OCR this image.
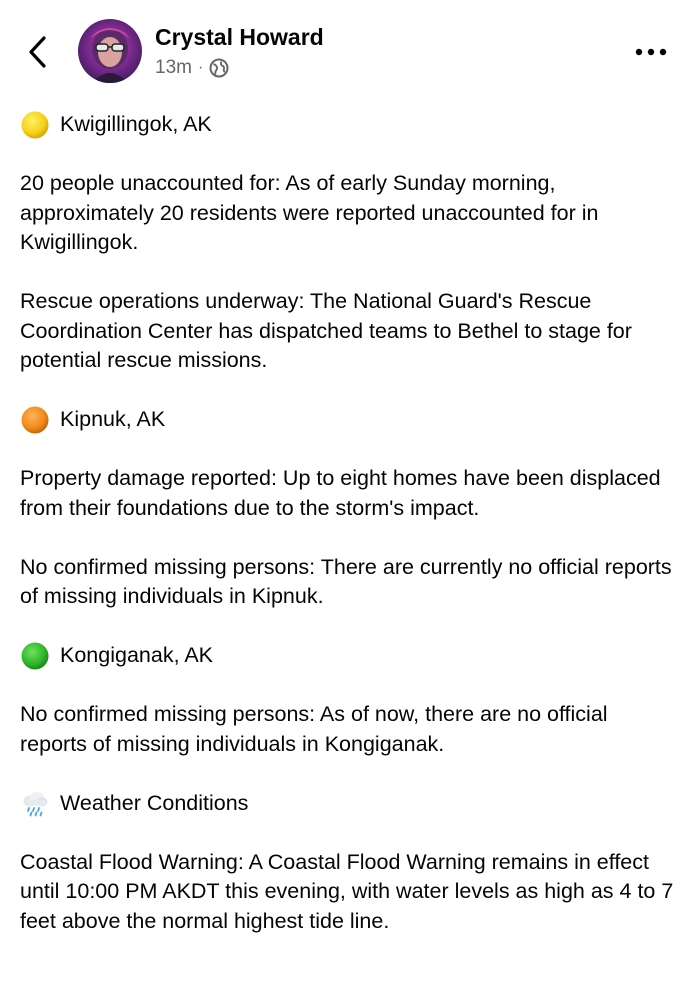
Crystal Howard
13m ·
Kwigillingok, AK

20 people unaccounted for: As of early Sunday morning, approximately 20 residents were reported unaccounted for in Kwigillingok.

Rescue operations underway: The National Guard's Rescue Coordination Center has dispatched teams to Bethel to stage for potential rescue missions.

Kipnuk, AK

Property damage reported: Up to eight homes have been displaced from their foundations due to the storm's impact.

No confirmed missing persons: There are currently no official reports of missing individuals in Kipnuk.

Kongiganak, AK

No confirmed missing persons: As of now, there are no official reports of missing individuals in Kongiganak.

Weather Conditions

Coastal Flood Warning: A Coastal Flood Warning remains in effect until 10:00 PM AKDT this evening, with water levels as high as 4 to 7 feet above the normal highest tide line.
